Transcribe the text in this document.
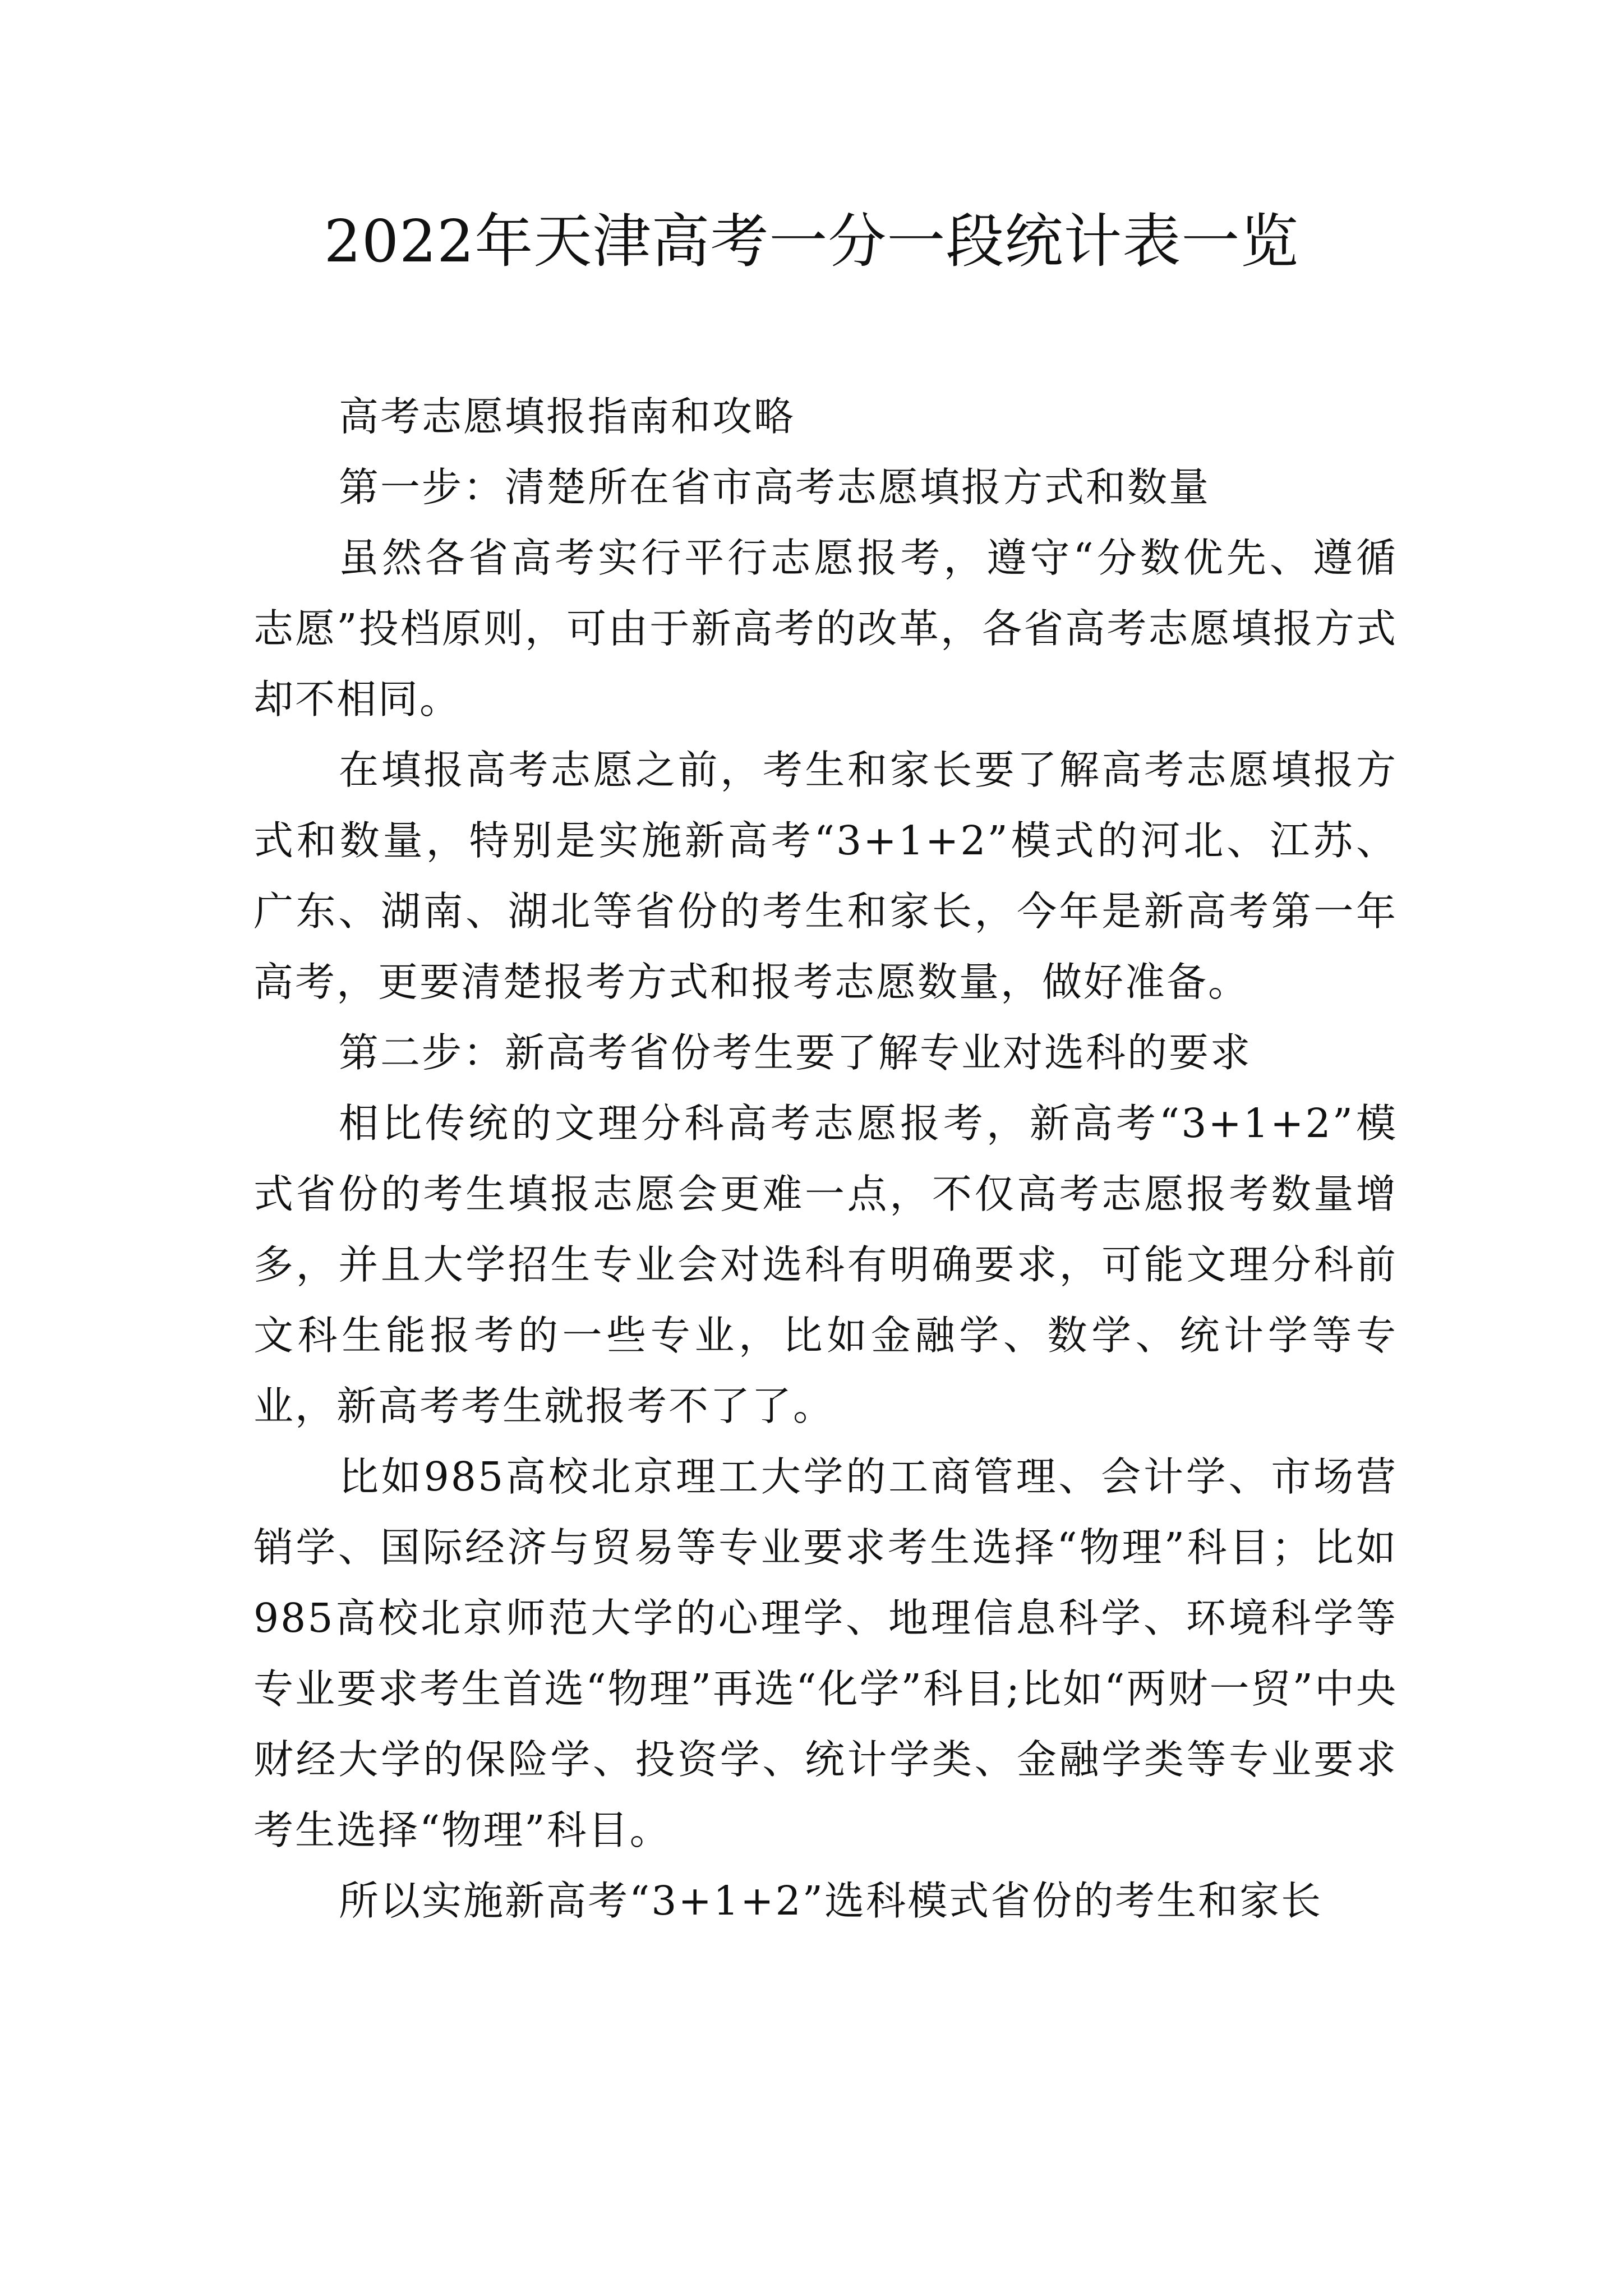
2022年天津高考一分一段统计表一览

高考志愿填报指南和攻略

第一步：清楚所在省市高考志愿填报方式和数量

虽然各省高考实行平行志愿报考，遵守“分数优先、遵循志愿”投档原则，可由于新高考的改革，各省高考志愿填报方式却不相同。

在填报高考志愿之前，考生和家长要了解高考志愿填报方式和数量，特别是实施新高考“3+1+2”模式的河北、江苏、广东、湖南、湖北等省份的考生和家长，今年是新高考第一年高考，更要清楚报考方式和报考志愿数量，做好准备。

第二步：新高考省份考生要了解专业对选科的要求

相比传统的文理分科高考志愿报考，新高考“3+1+2”模式省份的考生填报志愿会更难一点，不仅高考志愿报考数量增多，并且大学招生专业会对选科有明确要求，可能文理分科前文科生能报考的一些专业，比如金融学、数学、统计学等专业，新高考考生就报考不了了。

比如985高校北京理工大学的工商管理、会计学、市场营销学、国际经济与贸易等专业要求考生选择“物理”科目；比如985高校北京师范大学的心理学、地理信息科学、环境科学等专业要求考生首选“物理”再选“化学”科目;比如“两财一贸”中央财经大学的保险学、投资学、统计学类、金融学类等专业要求考生选择“物理”科目。

所以实施新高考“3+1+2”选科模式省份的考生和家长
